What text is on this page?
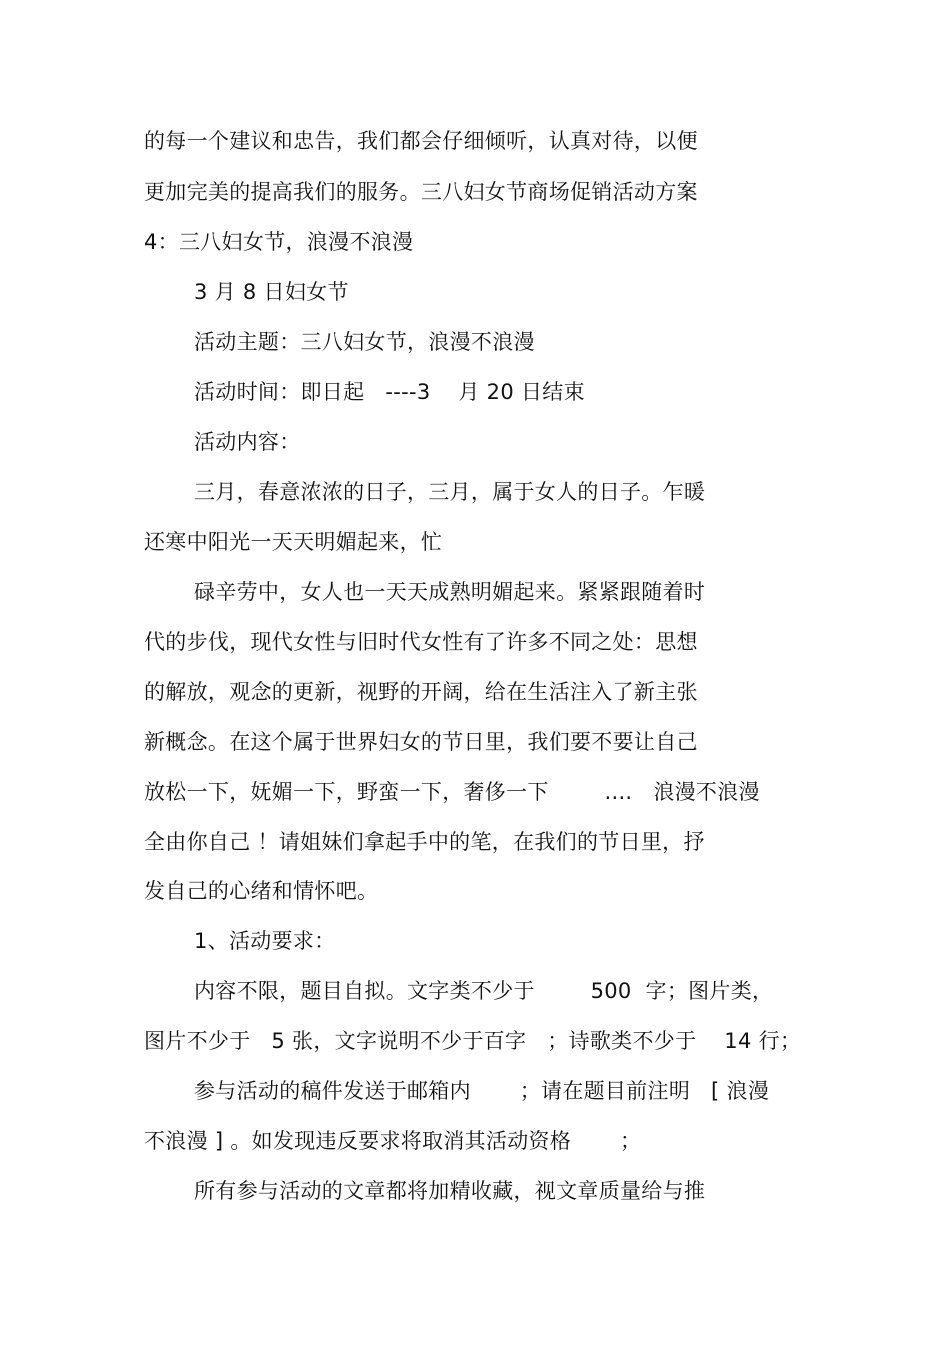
的每一个建议和忠告，我们都会仔细倾听，认真对待，以便
更加完美的提高我们的服务。三八妇女节商场促销活动方案
4：三八妇女节，浪漫不浪漫
3 月 8 日妇女节
活动主题：三八妇女节，浪漫不浪漫
活动时间：即日起   ----3    月 20 日结束
活动内容：
三月，春意浓浓的日子，三月，属于女人的日子。乍暖
还寒中阳光一天天明媚起来，忙
碌辛劳中，女人也一天天成熟明媚起来。紧紧跟随着时
代的步伐，现代女性与旧时代女性有了许多不同之处：思想
的解放，观念的更新，视野的开阔，给在生活注入了新主张
新概念。在这个属于世界妇女的节日里，我们要不要让自己
放松一下，妩媚一下，野蛮一下，奢侈一下        ....   浪漫不浪漫
全由你自己 ！请姐妹们拿起手中的笔，在我们的节日里，抒
发自己的心绪和情怀吧。
1、活动要求：
内容不限，题目自拟。文字类不少于        500  字；图片类，
图片不少于   5 张，文字说明不少于百字   ；诗歌类不少于    14 行；
参与活动的稿件发送于邮箱内       ；请在题目前注明   [ 浪漫
不浪漫 ] 。如发现违反要求将取消其活动资格       ；
所有参与活动的文章都将加精收藏，视文章质量给与推
